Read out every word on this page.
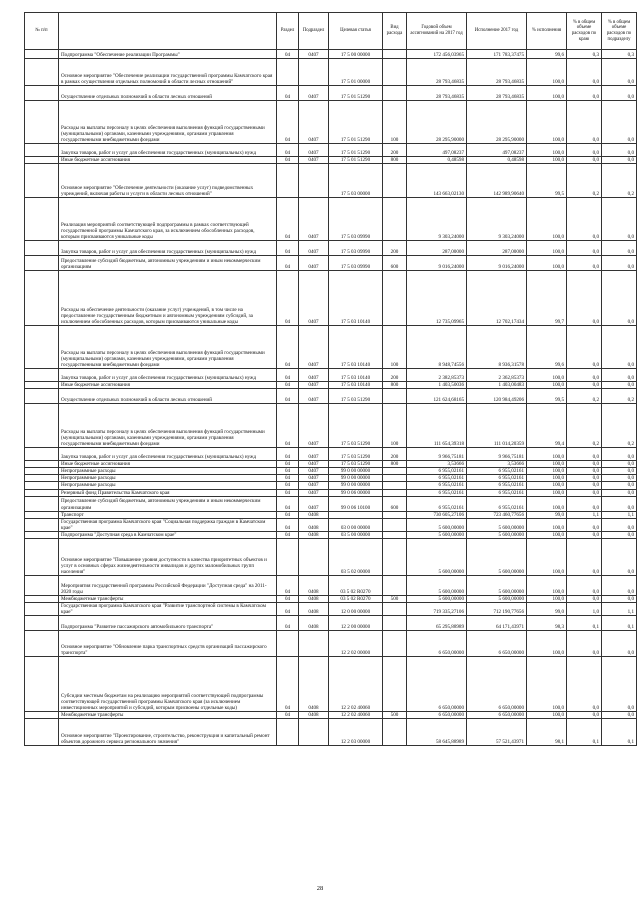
№ п/п		Раздел	Подраздел	Целевая статья	Вид расхода	Годовой объем ассигнований на 2017 год	Исполнение 2017 год	% исполнения	% в общем объеме расходов по краю	% в общем объеме расходов по подразделу
	Подпрограмма "Обеспечение реализации Программы"	04	0407	17 5 00 00000		172 456,03965	171 783,37475	99,6	0,3	0,3
	Основное мероприятие "Обеспечение реализации государственной программы Камчатского края в рамках осуществления отдельных полномочий в области лесных отношений"			17 5 01 00000		28 793,46835	28 793,46835	100,0	0,0	0,0
	Осуществление отдельных полномочий в области лесных отношений	04	0407	17 5 01 51290		28 793,46835	28 793,46835	100,0	0,0	0,0
	Расходы на выплаты персоналу в целях обеспечения выполнения функций государственными (муниципальными) органами, казенными учреждениями, органами управления государственными внебюджетными фондами	04	0407	17 5 01 51290	100	28 295,90000	28 295,90000	100,0	0,0	0,0
	Закупка товаров, работ и услуг для обеспечения государственных (муниципальных) нужд	04	0407	17 5 01 51290	200	497,08237	497,08237	100,0	0,0	0,0
	Иные бюджетные ассигнования	04	0407	17 5 01 51290	800	0,48598	0,48598	100,0	0,0	0,0
	Основное мероприятие "Обеспечение деятельности (оказание услуг) подведомственных учреждений, включая работы и услуги в области лесных отношений"			17 5 03 00000		143 663,02130	142 989,90640	99,5	0,2	0,2
	Реализация мероприятий соответствующей подпрограммы в рамках соответствующей государственной программы Камчатского края, за исключением обособленных расходов, которым присваиваются уникальные коды	04	0407	17 5 03 09990		9 303,24000	9 303,24000	100,0	0,0	0,0
	Закупка товаров, работ и услуг для обеспечения государственных (муниципальных) нужд	04	0407	17 5 03 09990	200	287,00000	287,00000	100,0	0,0	0,0
	Предоставление субсидий бюджетным, автономным учреждениям и иным некоммерческим организациям	04	0407	17 5 03 09990	600	9 016,24000	9 016,24000	100,0	0,0	0,0
	Расходы на обеспечение деятельности (оказание услуг) учреждений, в том числе на предоставление государственным бюджетным и автономным учреждениям субсидий, за исключением обособленных расходов, которым присваиваются уникальные коды	04	0407	17 5 03 10140		12 735,09965	12 702,17434	99,7	0,0	0,0
	Расходы на выплаты персоналу в целях обеспечения выполнения функций государственными (муниципальными) органами, казенными учреждениями, органами управления государственными внебюджетными фондами	04	0407	17 5 03 10140	100	8 948,74556	8 936,31578	99,6	0,0	0,0
	Закупка товаров, работ и услуг для обеспечения государственных (муниципальных) нужд	04	0407	17 5 03 10140	200	2 382,85373	2 362,85373	100,0	0,0	0,0
	Иные бюджетные ассигнования	04	0407	17 5 03 10140	800	1 403,50036	1 403,00483	100,0	0,0	0,0
	Осуществление отдельных полномочий в области лесных отношений	04	0407	17 5 03 51290		121 624,68165	120 984,49206	99,5	0,2	0,2
	Расходы на выплаты персоналу в целях обеспечения выполнения функций государственными (муниципальными) органами, казенными учреждениями, органами управления государственными внебюджетными фондами	04	0407	17 5 03 51290	100	111 654,39318	111 014,20359	99,4	0,2	0,2
	Закупка товаров, работ и услуг для обеспечения государственных (муниципальных) нужд	04	0407	17 5 03 51290	200	9 966,75181	9 966,75181	100,0	0,0	0,0
	Иные бюджетные ассигнования	04	0407	17 5 03 51290	800	3,53666	3,53666	100,0	0,0	0,0
	Непрограммные расходы	04	0407	99 0 00 00000		6 955,02161	6 955,02161	100,0	0,0	0,0
	Непрограммные расходы	04	0407	99 0 00 00000		6 955,02161	6 955,02161	100,0	0,0	0,0
	Непрограммные расходы	04	0407	99 0 00 00000		6 955,02161	6 955,02161	100,0	0,0	0,0
	Резервный фонд Правительства Камчатского края	04	0407	99 0 06 00000		6 955,02161	6 955,02161	100,0	0,0	0,0
	Предоставление субсидий бюджетным, автономным учреждениям и иным некоммерческим организациям	04	0407	99 0 06 10100	600	6 955,02161	6 955,02161	100,0	0,0	0,0
	Транспорт	04	0408			730 605,27106	723 460,77656	99,0	1,1	1,1
	Государственная программа Камчатского края "Социальная поддержка граждан в Камчатском крае"	04	0408	03 0 00 00000		5 600,00000	5 600,00000	100,0	0,0	0,0
	Подпрограмма "Доступная среда в Камчатском крае"	04	0408	03 5 00 00000		5 600,00000	5 600,00000	100,0	0,0	0,0
	Основное мероприятие "Повышение уровня доступности в качества приоритетных объектов и услуг в основных сферах жизнедеятельности инвалидов и других маломобильных групп населения"			03 5 02 00000		5 600,00000	5 600,00000	100,0	0,0	0,0
	Мероприятия государственной программы Российской Федерации "Доступная среда" на 2011-2020 годы	04	0408	03 5 02 R0270		5 600,00000	5 600,00000	100,0	0,0	0,0
	Межбюджетные трансферты	04	0408	03 5 02 R0270	500	5 600,00000	5 600,00000	100,0	0,0	0,0
	Государственная программа Камчатского края "Развитие транспортной системы в Камчатском крае"	04	0408	12 0 00 00000		719 335,27106	712 190,77656	99,0	1,0	1,1
	Подпрограмма "Развитие пассажирского автомобильного транспорта"	04	0408	12 2 00 00000		65 295,88989	64 171,43971	98,3	0,1	0,1
	Основное мероприятие "Обновление парка транспортных средств организаций пассажирского транспорта"			12 2 02 00000		6 650,00000	6 650,00000	100,0	0,0	0,0
	Субсидии местным бюджетам на реализацию мероприятий соответствующей подпрограммы соответствующей государственной программы Камчатского края (за исключением инвестиционных мероприятий и субсидий, которым присвоены отдельные коды)	04	0408	12 2 02 40060		6 650,00000	6 650,00000	100,0	0,0	0,0
	Межбюджетные трансферты	04	0408	12 2 02 40060	500	6 650,00000	6 650,00000	100,0	0,0	0,0
	Основное мероприятие "Проектирование, строительство, реконструкция и капитальный ремонт объектов дорожного сервиса регионального значения"			12 2 03 00000		58 645,88989	57 521,43971	98,1	0,1	0,1
28
